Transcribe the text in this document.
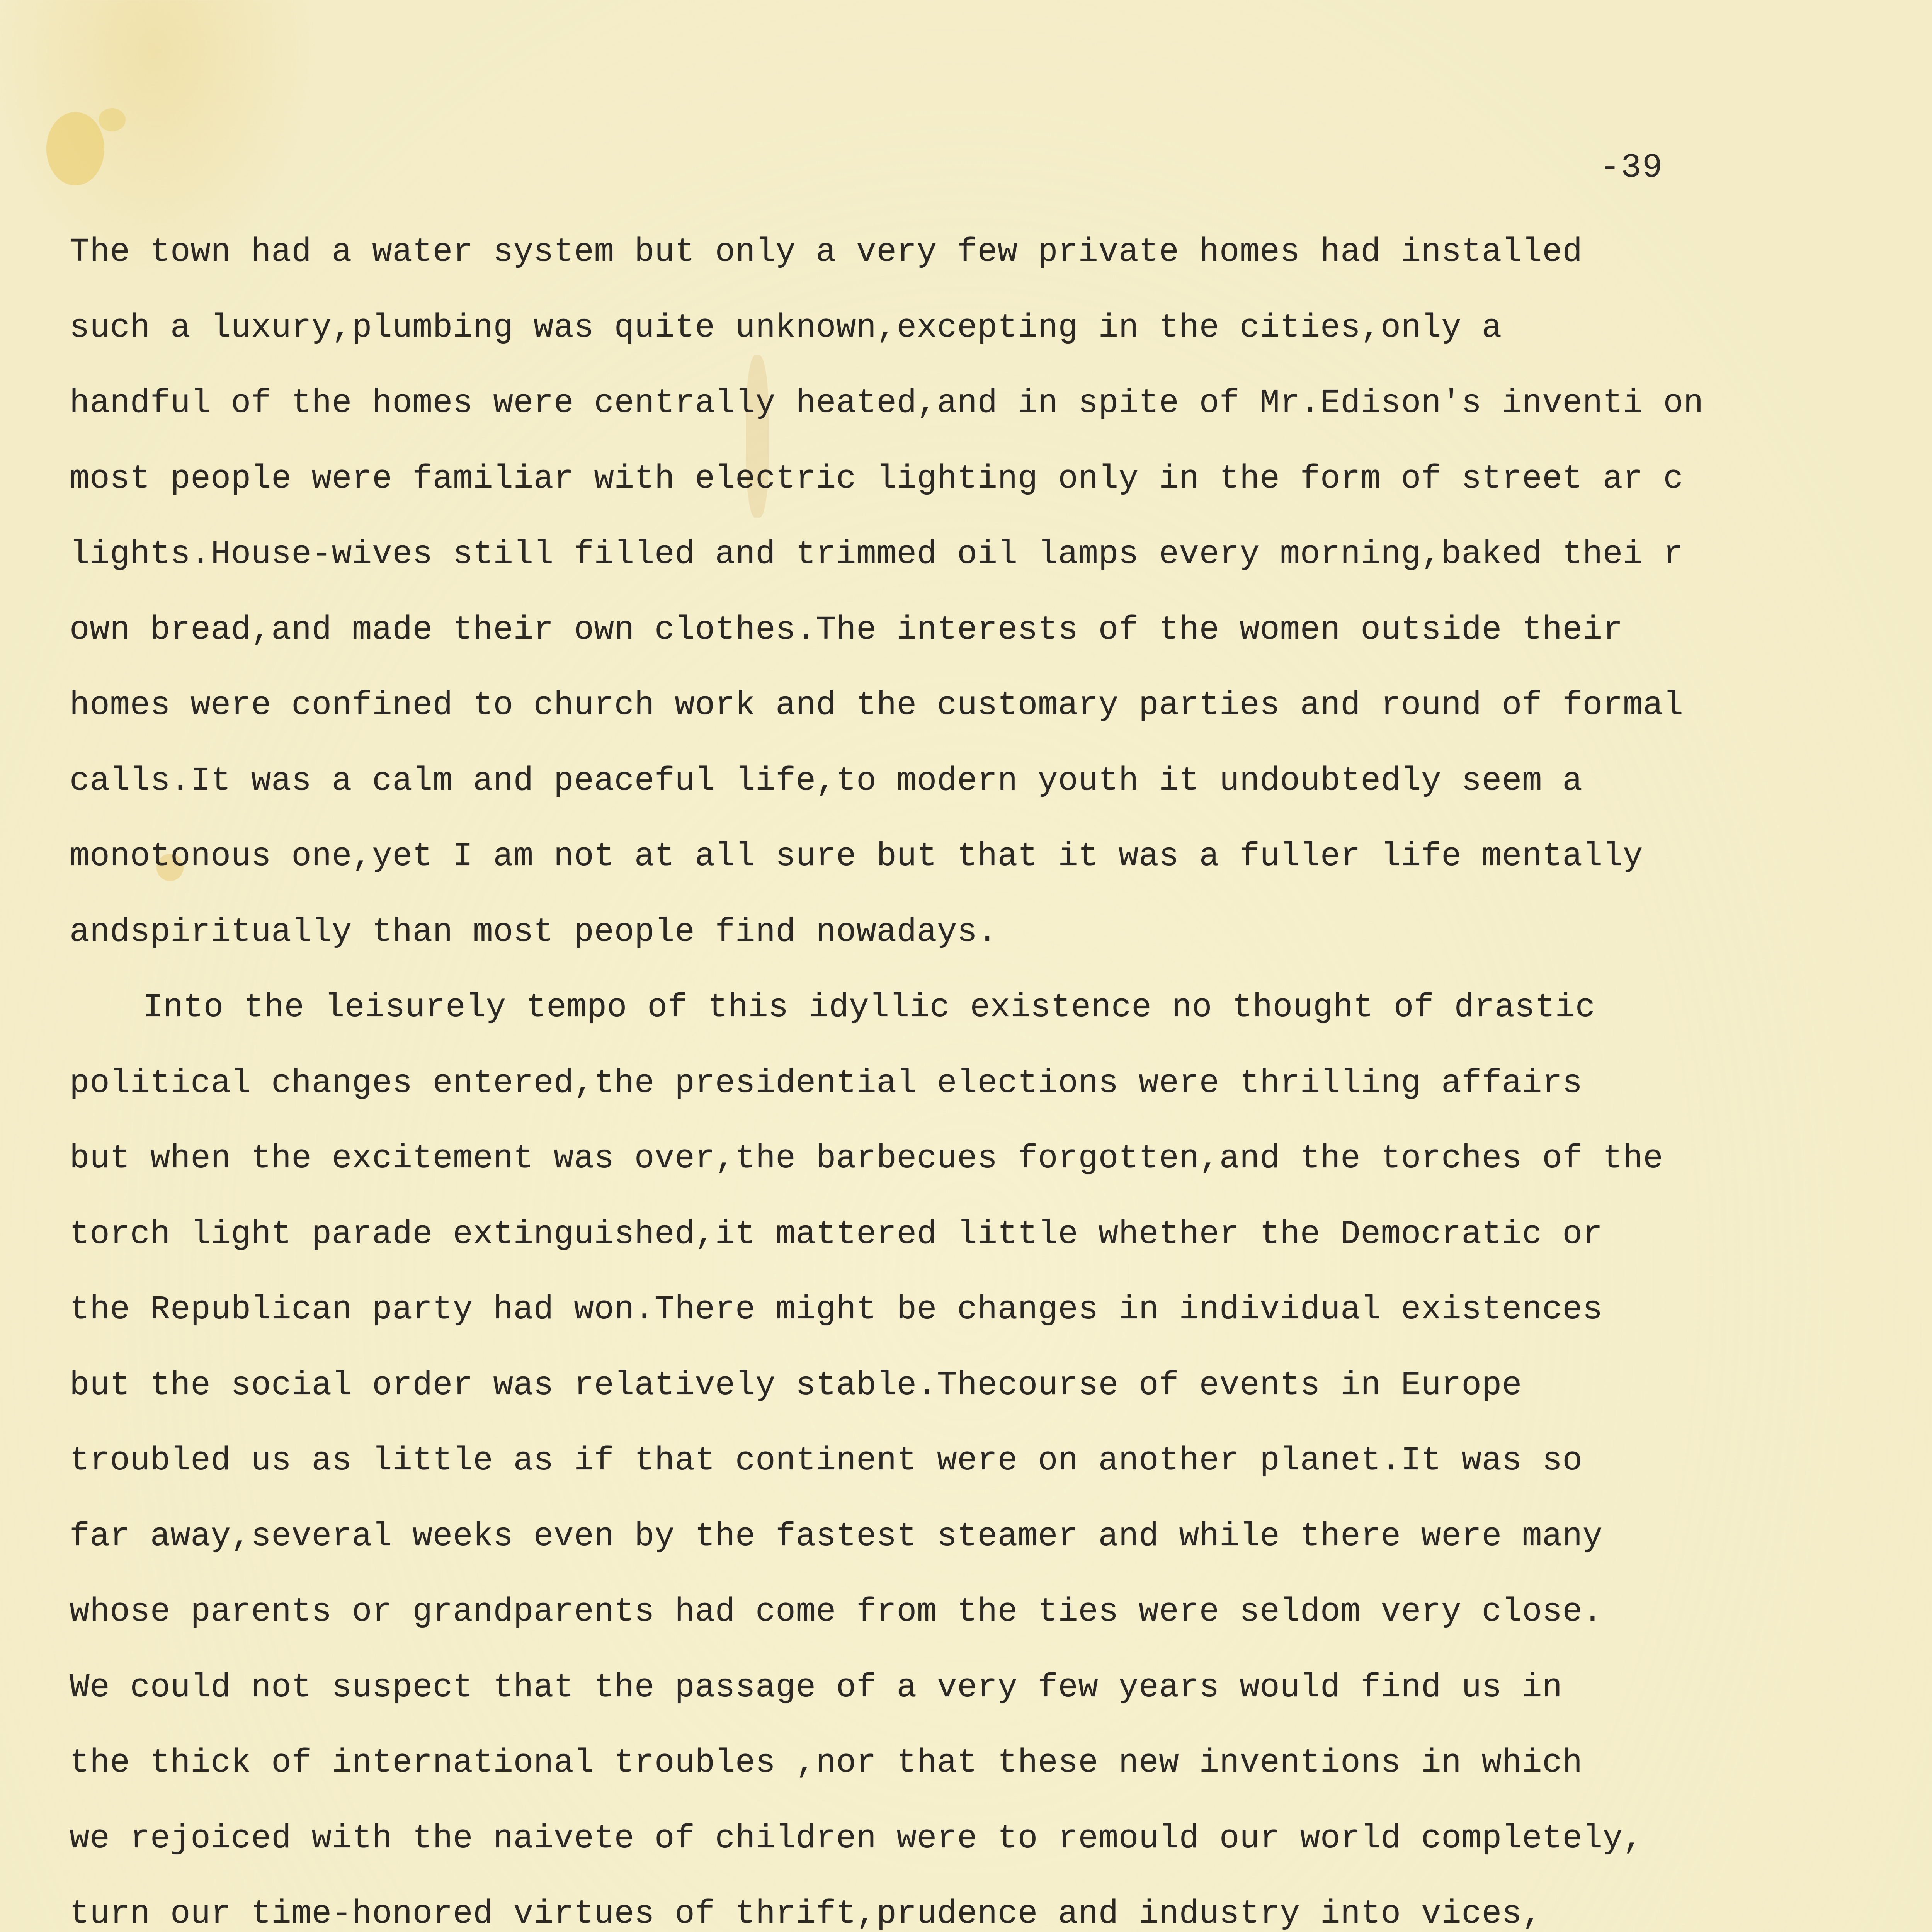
-39
The town had a water system but only a very few private homes had installed
such a luxury,plumbing was quite unknown,excepting in the cities,only a
handful of the homes were centrally heated,and in spite of Mr.Edison's inventi on
most people were familiar with electric lighting only in the form of street ar c
lights.House-wives still filled and trimmed oil lamps every morning,baked thei r
own bread,and made their own clothes.The interests of the women outside their
homes were confined to church work and the customary parties and round of formal
calls.It was a calm and peaceful life,to modern youth it undoubtedly seem a
monotonous one,yet I am not at all sure but that it was a fuller life mentally
andspiritually than most people find nowadays.
Into the leisurely tempo of this idyllic existence no thought of drastic
political changes entered,the presidential elections were thrilling affairs
but when the excitement was over,the barbecues forgotten,and the torches of the
torch light parade extinguished,it mattered little whether the Democratic or
the Republican party had won.There might be changes in individual existences
but the social order was relatively stable.Thecourse of events in Europe
troubled us as little as if that continent were on another planet.It was so
far away,several weeks even by the fastest steamer and while there were many
whose parents or grandparents had come from the ties were seldom very close.
We could not suspect that the passage of a very few years would find us in
the thick of international troubles ,nor that these new inventions in which
we rejoiced with the naivete of children were to remould our world completely,
turn our time-honored virtues of thrift,prudence and industry into vices,
